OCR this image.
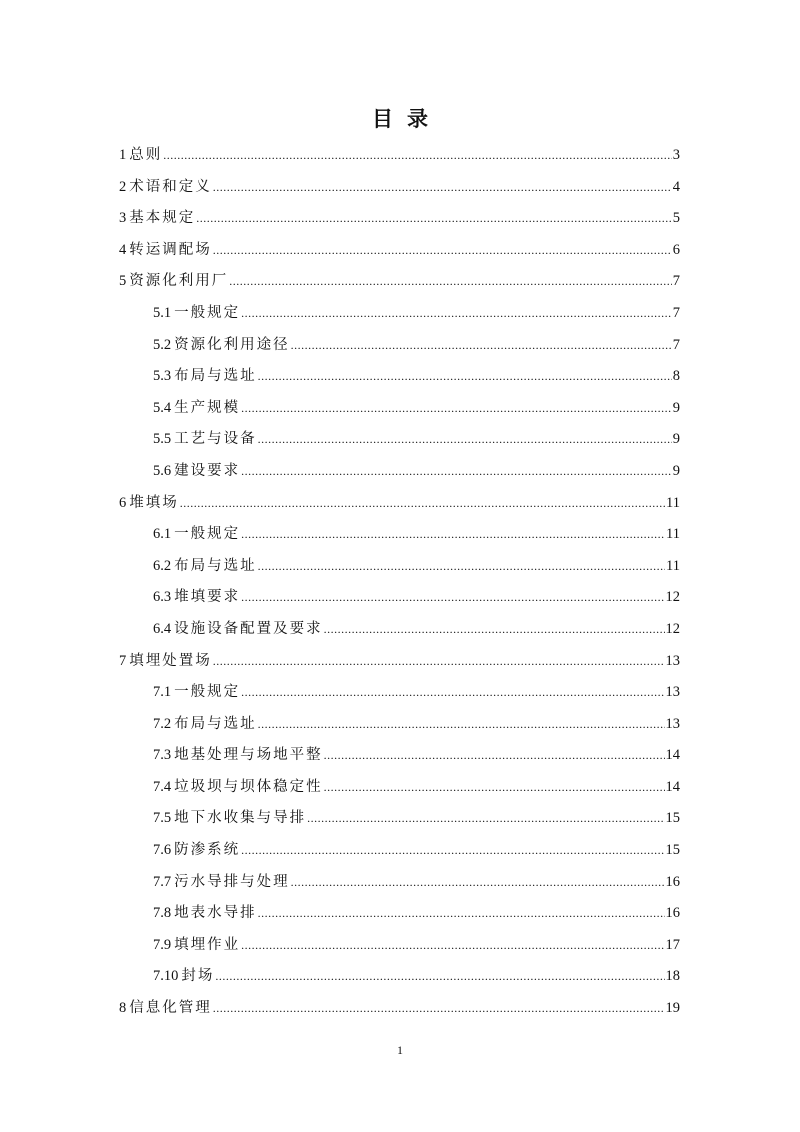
目录
1 总则 .....	3
2 术语和定义 .....	4
3 基本规定 .....	5
4 转运调配场 .....	6
5 资源化利用厂 .....	7
5.1 一般规定 .....	7
5.2 资源化利用途径 .....	7
5.3 布局与选址 .....	8
5.4 生产规模 .....	9
5.5 工艺与设备 .....	9
5.6 建设要求 .....	9
6 堆填场 .....	11
6.1 一般规定 .....	11
6.2 布局与选址 .....	11
6.3 堆填要求 .....	12
6.4 设施设备配置及要求 .....	12
7 填埋处置场 .....	13
7.1 一般规定 .....	13
7.2 布局与选址 .....	13
7.3 地基处理与场地平整 .....	14
7.4 垃圾坝与坝体稳定性 .....	14
7.5 地下水收集与导排 .....	15
7.6 防渗系统 .....	15
7.7 污水导排与处理 .....	16
7.8 地表水导排 .....	16
7.9 填埋作业 .....	17
7.10 封场 .....	18
8 信息化管理 .....	19
1
